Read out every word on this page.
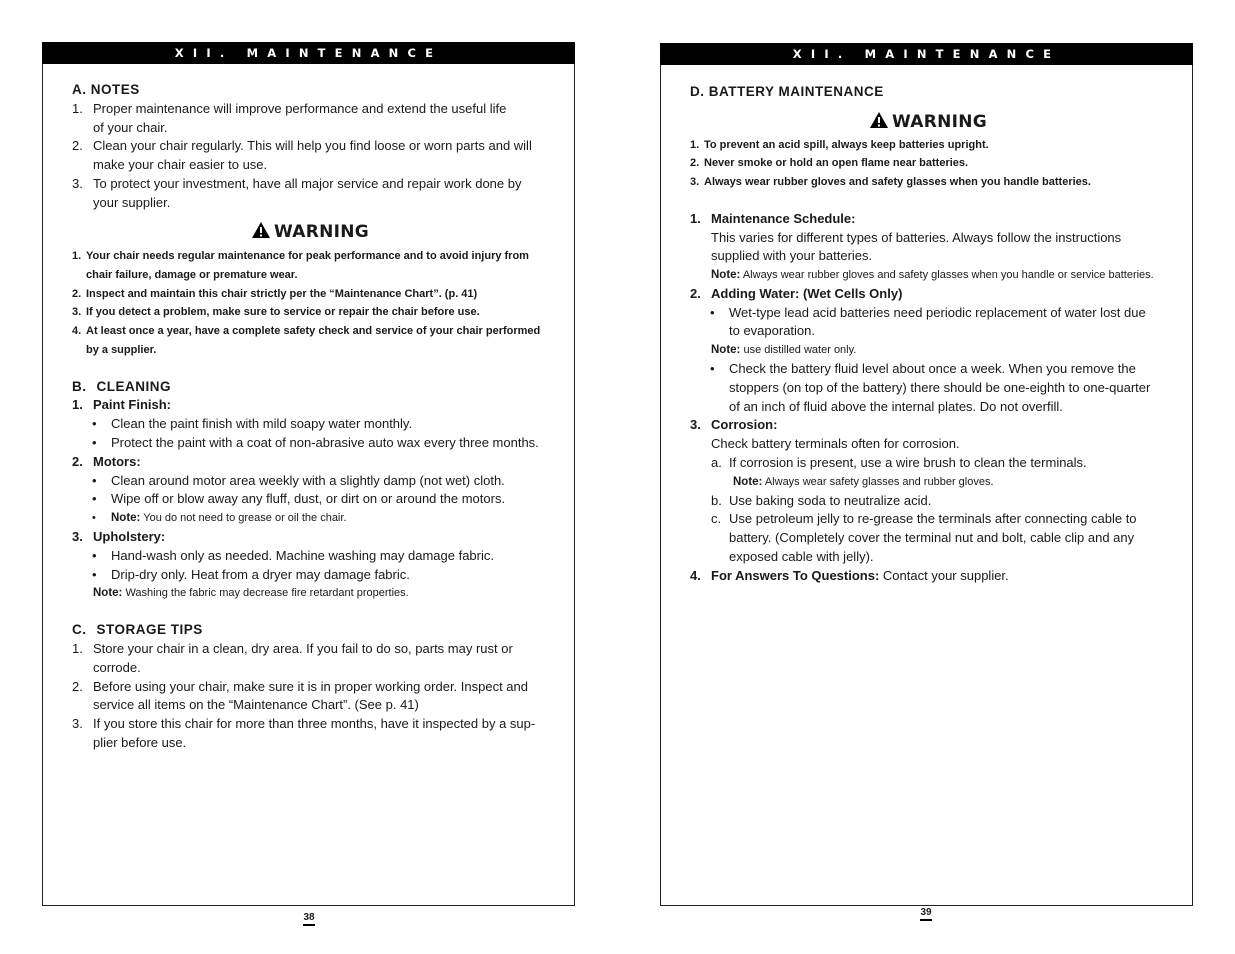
XII. MAINTENANCE
A. NOTES
1. Proper maintenance will improve performance and extend the useful life
of your chair.
2. Clean your chair regularly. This will help you find loose or worn parts and will
make your chair easier to use.
3. To protect your investment, have all major service and repair work done by
your supplier.
WARNING
1. Your chair needs regular maintenance for peak performance and to avoid injury from
chair failure, damage or premature wear.
2. Inspect and maintain this chair strictly per the “Maintenance Chart”. (p. 41)
3. If you detect a problem, make sure to service or repair the chair before use.
4. At least once a year, have a complete safety check and service of your chair performed
by a supplier.
B. CLEANING
1. Paint Finish:
• Clean the paint finish with mild soapy water monthly.
• Protect the paint with a coat of non-abrasive auto wax every three months.
2. Motors:
• Clean around motor area weekly with a slightly damp (not wet) cloth.
• Wipe off or blow away any fluff, dust, or dirt on or around the motors.
• Note: You do not need to grease or oil the chair.
3. Upholstery:
• Hand-wash only as needed. Machine washing may damage fabric.
• Drip-dry only. Heat from a dryer may damage fabric.
Note: Washing the fabric may decrease fire retardant properties.
C. STORAGE TIPS
1. Store your chair in a clean, dry area. If you fail to do so, parts may rust or corrode.
2. Before using your chair, make sure it is in proper working order. Inspect and
service all items on the “Maintenance Chart”. (See p. 41)
3. If you store this chair for more than three months, have it inspected by a sup-
plier before use.
38
XII. MAINTENANCE
D. BATTERY MAINTENANCE
WARNING
1. To prevent an acid spill, always keep batteries upright.
2. Never smoke or hold an open flame near batteries.
3. Always wear rubber gloves and safety glasses when you handle batteries.
1. Maintenance Schedule:
This varies for different types of batteries. Always follow the instructions
supplied with your batteries.
Note: Always wear rubber gloves and safety glasses when you handle or service batteries.
2. Adding Water: (Wet Cells Only)
• Wet-type lead acid batteries need periodic replacement of water lost due
to evaporation.
Note: use distilled water only.
• Check the battery fluid level about once a week. When you remove the
stoppers (on top of the battery) there should be one-eighth to one-quarter
of an inch of fluid above the internal plates. Do not overfill.
3. Corrosion:
Check battery terminals often for corrosion.
a. If corrosion is present, use a wire brush to clean the terminals.
Note: Always wear safety glasses and rubber gloves.
b. Use baking soda to neutralize acid.
c. Use petroleum jelly to re-grease the terminals after connecting cable to
battery. (Completely cover the terminal nut and bolt, cable clip and any
exposed cable with jelly).
4. For Answers To Questions: Contact your supplier.
39
